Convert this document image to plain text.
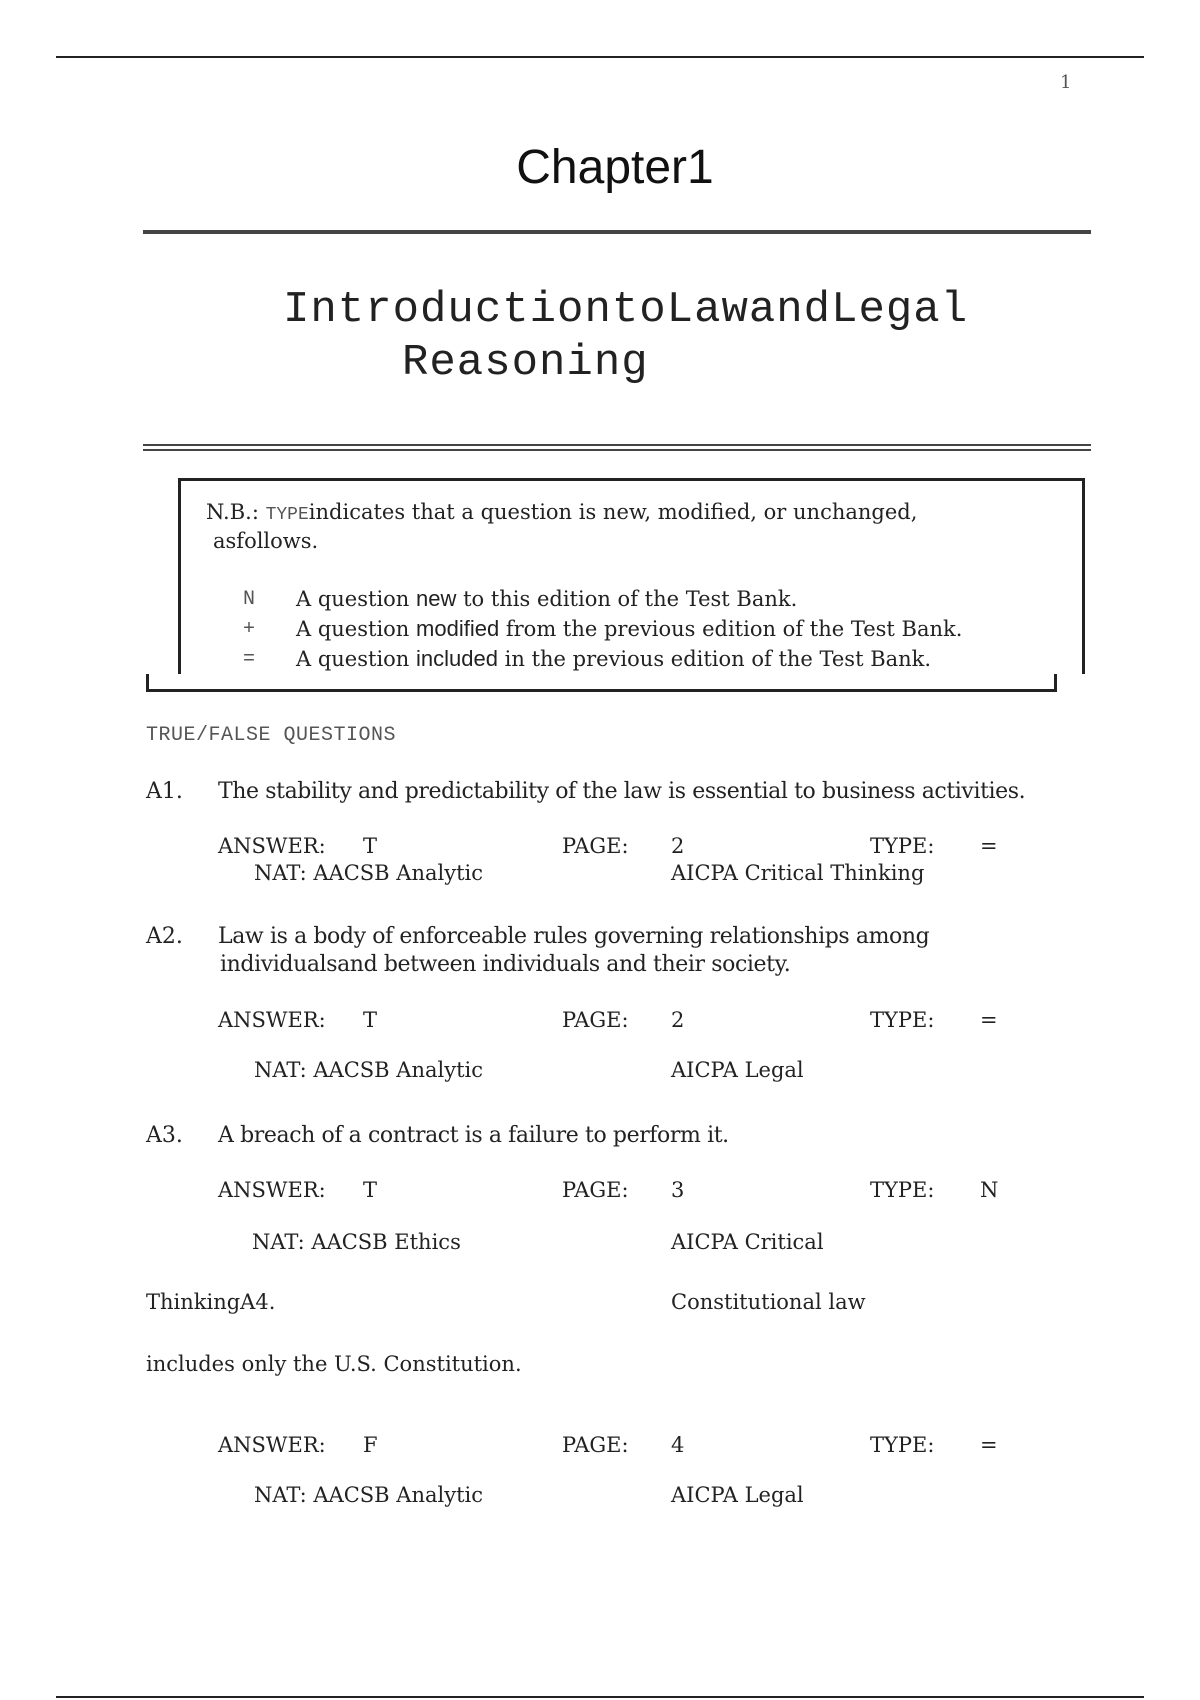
1
Chapter1
IntroductiontoLawandLegal
Reasoning
N.B.: TYPEindicates that a question is new, modified, or unchanged,
asfollows.
N A question new to this edition of the Test Bank.
+ A question modified from the previous edition of the Test Bank.
= A question included in the previous edition of the Test Bank.
TRUE/FALSE QUESTIONS
A1. The stability and predictability of the law is essential to business activities.
ANSWER: T	PAGE: 2	TYPE: =
NAT: AACSB Analytic	AICPA Critical Thinking
A2. Law is a body of enforceable rules governing relationships among
individualsand between individuals and their society.
ANSWER: T	PAGE: 2	TYPE: =
NAT: AACSB Analytic	AICPA Legal
A3. A breach of a contract is a failure to perform it.
ANSWER: T	PAGE: 3	TYPE: N
NAT: AACSB Ethics	AICPA Critical
ThinkingA4.	Constitutional law
includes only the U.S. Constitution.
ANSWER: F	PAGE: 4	TYPE: =
NAT: AACSB Analytic	AICPA Legal
